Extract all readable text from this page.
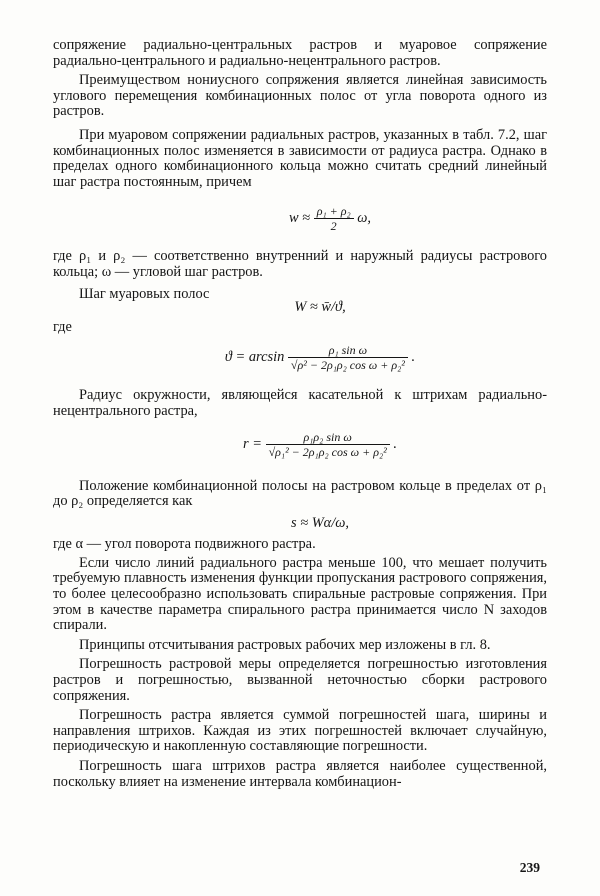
сопряжение радиально-центральных растров и муаровое сопряжение радиально-центрального и радиально-нецентрального растров.

Преимуществом нониусного сопряжения является линейная зависимость углового перемещения комбинационных полос от угла поворота одного из растров.

При муаровом сопряжении радиальных растров, указанных в табл. 7.2, шаг комбинационных полос изменяется в зависимости от радиуса растра. Однако в пределах одного комбинационного кольца можно считать средний линейный шаг растра постоянным, причем

$w \approx \frac{\text{ρ₁ + ρ₂}}{2} \omega$,

где ρ₁ и ρ₂ — соответственно внутренний и наружный радиусы растрового кольца; ω — угловой шаг растров.

Шаг муаровых полос

W ≈ w̄/ϑ,

где

$ϑ = \arcsin \frac{\text{ρ₁ sin ω}}{\text{√ρ² − 2ρ₁ρ₂ cos ω + ρ₂²}}$ .

Радиус окружности, являющейся касательной к штрихам радиально-нецентрального растра,

$r = \frac{\text{ρ₁ρ₂ sin ω}}{\text{√ρ₁² − 2ρ₁ρ₂ cos ω + ρ₂²}}$ .

Положение комбинационной полосы на растровом кольце в пределах от ρ₁ до ρ₂ определяется как

s ≈ Wα/ω,

где α — угол поворота подвижного растра.

Если число линий радиального растра меньше 100, что мешает получить требуемую плавность изменения функции пропускания растрового сопряжения, то более целесообразно использовать спиральные растровые сопряжения. При этом в качестве параметра спирального растра принимается число N заходов спирали.

Принципы отсчитывания растровых рабочих мер изложены в гл. 8.

Погрешность растровой меры определяется погрешностью изготовления растров и погрешностью, вызванной неточностью сборки растрового сопряжения.

Погрешность растра является суммой погрешностей шага, ширины и направления штрихов. Каждая из этих погрешностей включает случайную, периодическую и накопленную составляющие погрешности.

Погрешность шага штрихов растра является наиболее существенной, поскольку влияет на изменение интервала комбинацион-

239
